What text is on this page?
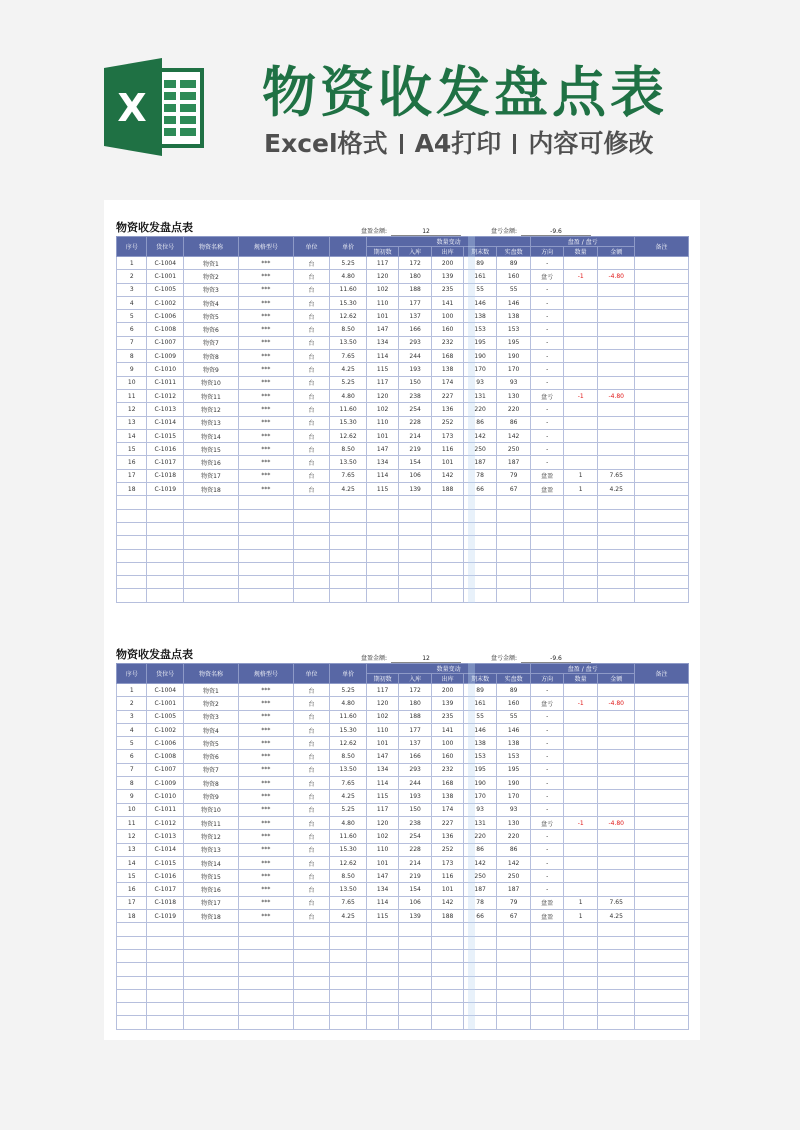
X 物资收发盘点表
Excel格式 A4打印 内容可修改
物资收发盘点表	盘盈金额:	12	盘亏金额:	-9.6
序号	货位号	物资名称	规格型号	单位	单价	数量变动					盘盈 / 盘亏			备注
						期初数	入库	出库	期末数	实盘数	方向	数量	金额	
1	C-1004	物资1	***	台	5.25	117	172	200	89	89	-			
2	C-1001	物资2	***	台	4.80	120	180	139	161	160	盘亏	-1	-4.80	
3	C-1005	物资3	***	台	11.60	102	188	235	55	55	-			
4	C-1002	物资4	***	台	15.30	110	177	141	146	146	-			
5	C-1006	物资5	***	台	12.62	101	137	100	138	138	-			
6	C-1008	物资6	***	台	8.50	147	166	160	153	153	-			
7	C-1007	物资7	***	台	13.50	134	293	232	195	195	-			
8	C-1009	物资8	***	台	7.65	114	244	168	190	190	-			
9	C-1010	物资9	***	台	4.25	115	193	138	170	170	-			
10	C-1011	物资10	***	台	5.25	117	150	174	93	93	-			
11	C-1012	物资11	***	台	4.80	120	238	227	131	130	盘亏	-1	-4.80	
12	C-1013	物资12	***	台	11.60	102	254	136	220	220	-			
13	C-1014	物资13	***	台	15.30	110	228	252	86	86	-			
14	C-1015	物资14	***	台	12.62	101	214	173	142	142	-			
15	C-1016	物资15	***	台	8.50	147	219	116	250	250	-			
16	C-1017	物资16	***	台	13.50	134	154	101	187	187	-			
17	C-1018	物资17	***	台	7.65	114	106	142	78	79	盘盈	1	7.65	
18	C-1019	物资18	***	台	4.25	115	139	188	66	67	盘盈	1	4.25	

物资收发盘点表	盘盈金额:	12	盘亏金额:	-9.6
序号	货位号	物资名称	规格型号	单位	单价	数量变动					盘盈 / 盘亏			备注
						期初数	入库	出库	期末数	实盘数	方向	数量	金额	
1	C-1004	物资1	***	台	5.25	117	172	200	89	89	-			
2	C-1001	物资2	***	台	4.80	120	180	139	161	160	盘亏	-1	-4.80	
3	C-1005	物资3	***	台	11.60	102	188	235	55	55	-			
4	C-1002	物资4	***	台	15.30	110	177	141	146	146	-			
5	C-1006	物资5	***	台	12.62	101	137	100	138	138	-			
6	C-1008	物资6	***	台	8.50	147	166	160	153	153	-			
7	C-1007	物资7	***	台	13.50	134	293	232	195	195	-			
8	C-1009	物资8	***	台	7.65	114	244	168	190	190	-			
9	C-1010	物资9	***	台	4.25	115	193	138	170	170	-			
10	C-1011	物资10	***	台	5.25	117	150	174	93	93	-			
11	C-1012	物资11	***	台	4.80	120	238	227	131	130	盘亏	-1	-4.80	
12	C-1013	物资12	***	台	11.60	102	254	136	220	220	-			
13	C-1014	物资13	***	台	15.30	110	228	252	86	86	-			
14	C-1015	物资14	***	台	12.62	101	214	173	142	142	-			
15	C-1016	物资15	***	台	8.50	147	219	116	250	250	-			
16	C-1017	物资16	***	台	13.50	134	154	101	187	187	-			
17	C-1018	物资17	***	台	7.65	114	106	142	78	79	盘盈	1	7.65	
18	C-1019	物资18	***	台	4.25	115	139	188	66	67	盘盈	1	4.25	
